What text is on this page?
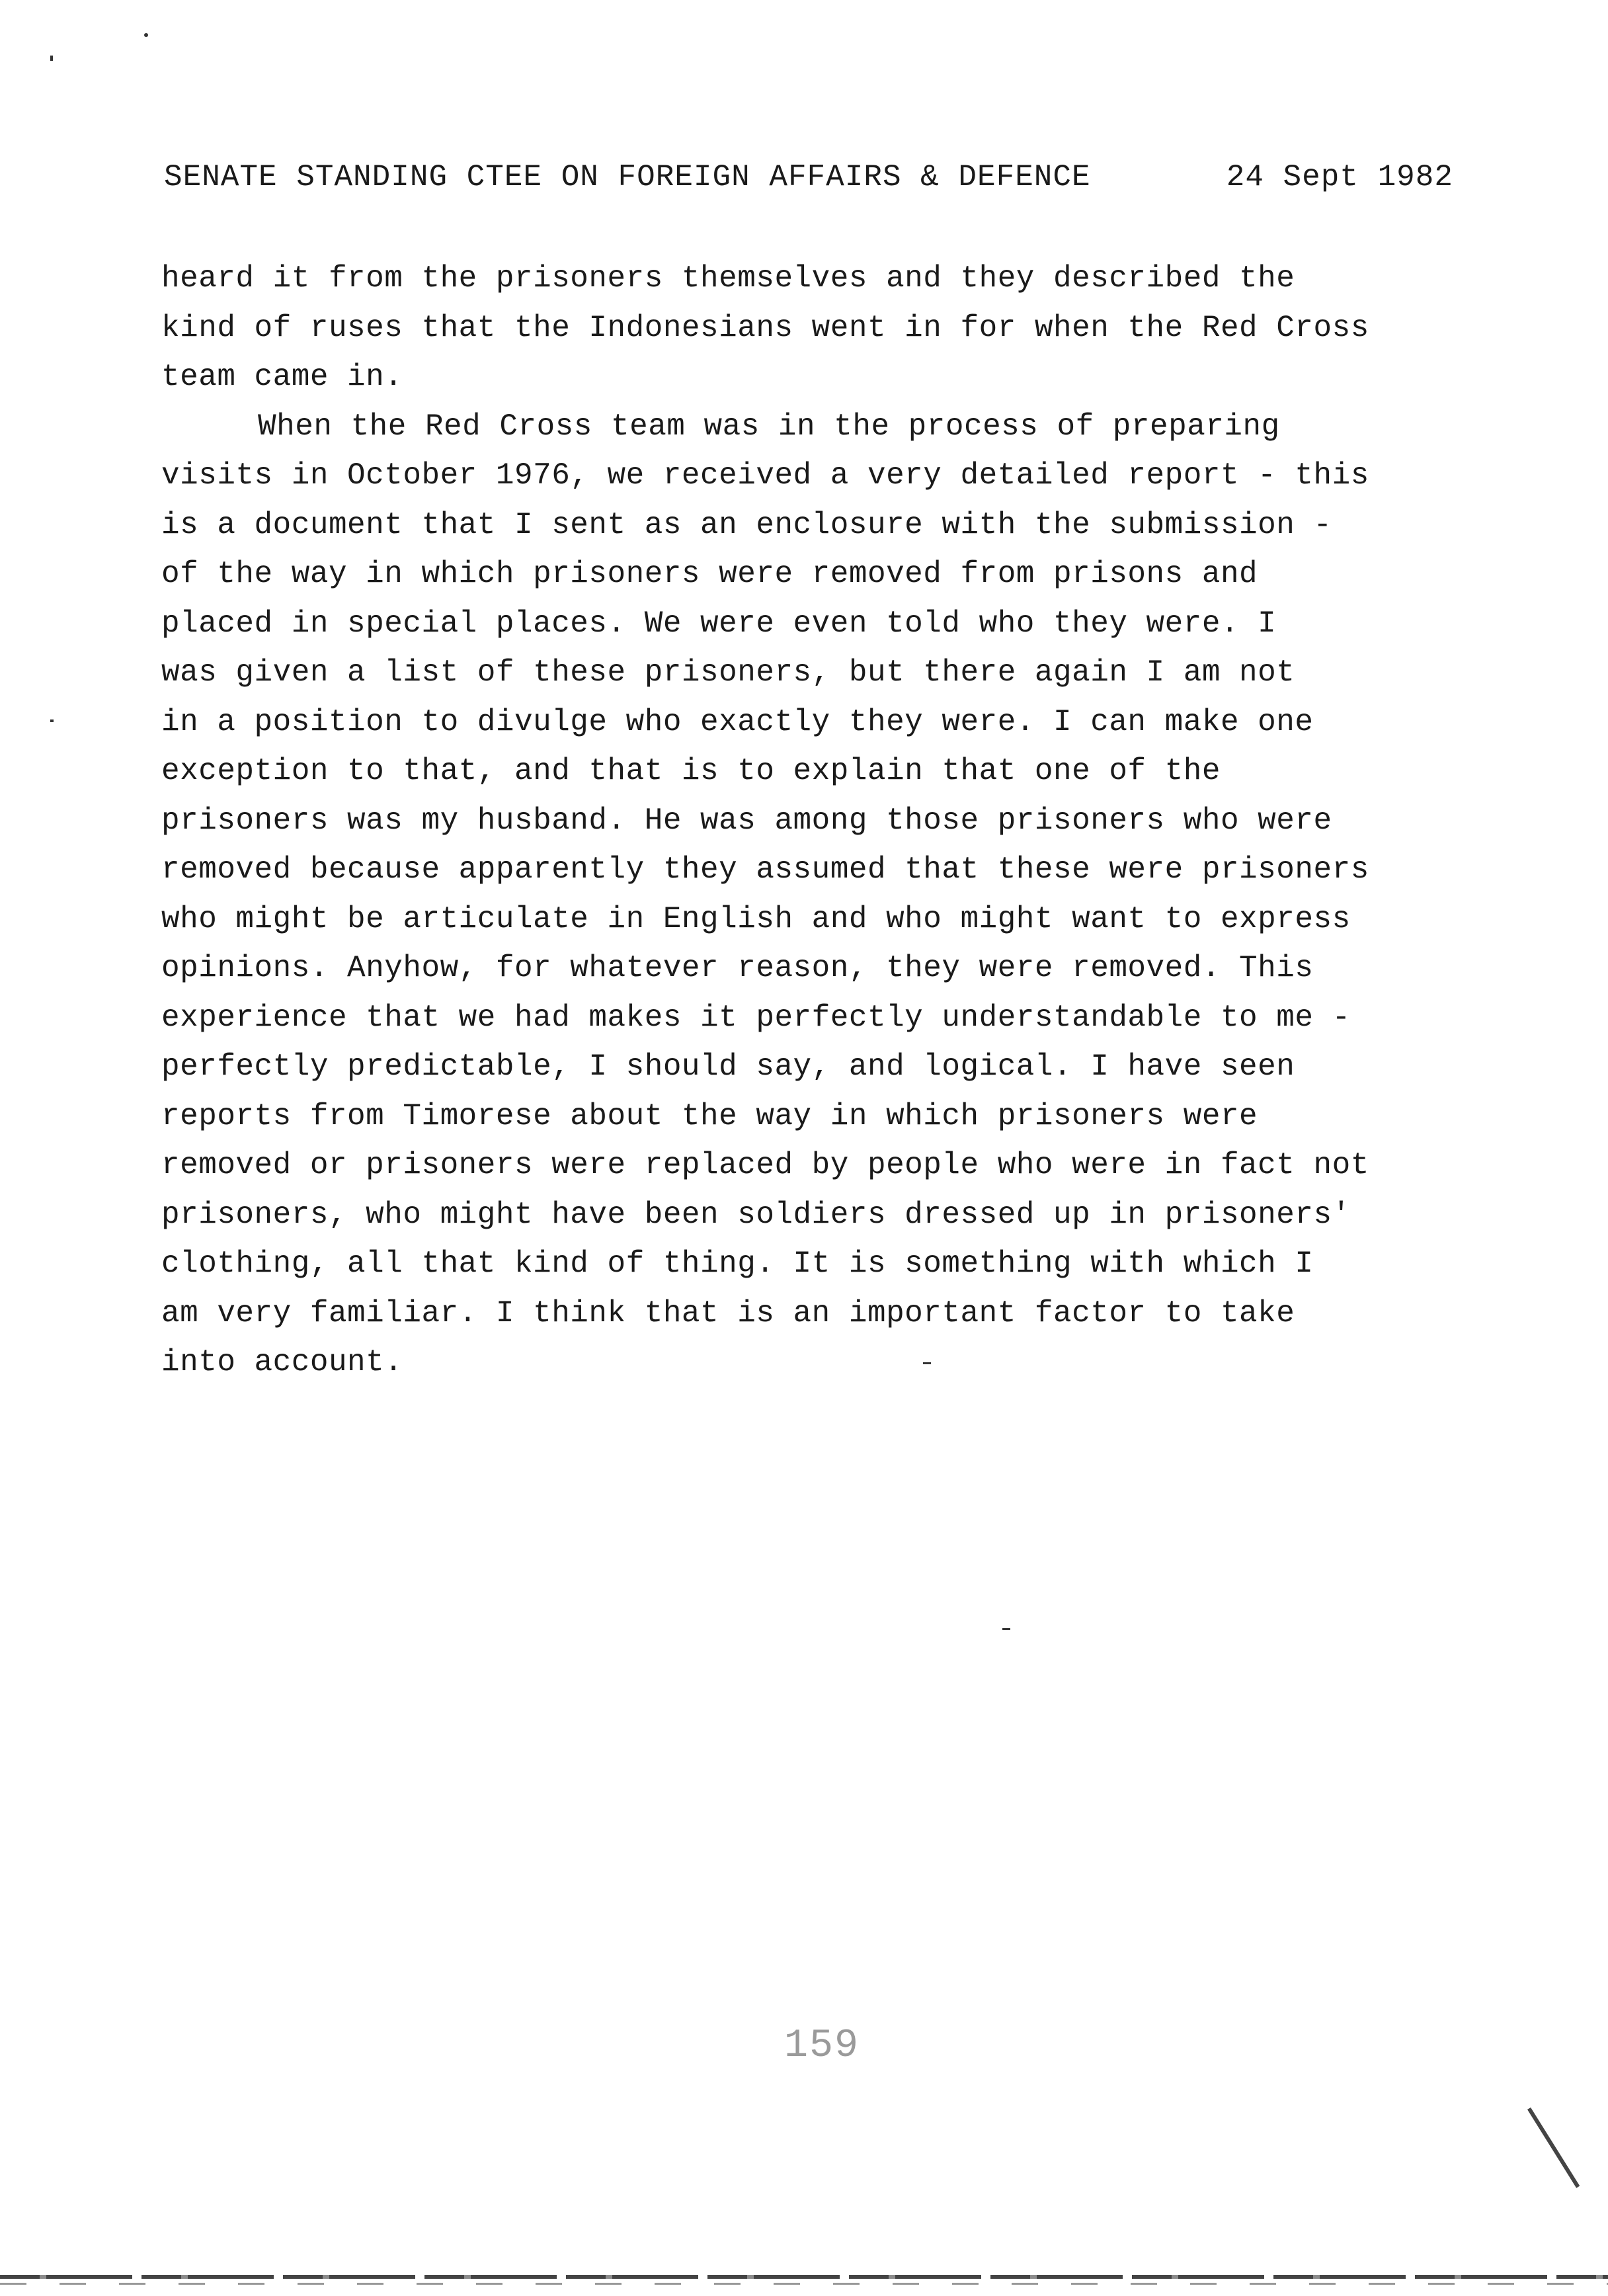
SENATE STANDING CTEE ON FOREIGN AFFAIRS & DEFENCE	24 Sept 1982

heard it from the prisoners themselves and they described the
kind of ruses that the Indonesians went in for when the Red Cross
team came in.

When the Red Cross team was in the process of preparing
visits in October 1976, we received a very detailed report - this
is a document that I sent as an enclosure with the submission -
of the way in which prisoners were removed from prisons and
placed in special places. We were even told who they were. I
was given a list of these prisoners, but there again I am not
in a position to divulge who exactly they were. I can make one
exception to that, and that is to explain that one of the
prisoners was my husband. He was among those prisoners who were
removed because apparently they assumed that these were prisoners
who might be articulate in English and who might want to express
opinions. Anyhow, for whatever reason, they were removed. This
experience that we had makes it perfectly understandable to me -
perfectly predictable, I should say, and logical. I have seen
reports from Timorese about the way in which prisoners were
removed or prisoners were replaced by people who were in fact not
prisoners, who might have been soldiers dressed up in prisoners'
clothing, all that kind of thing. It is something with which I
am very familiar. I think that is an important factor to take
into account.

159
